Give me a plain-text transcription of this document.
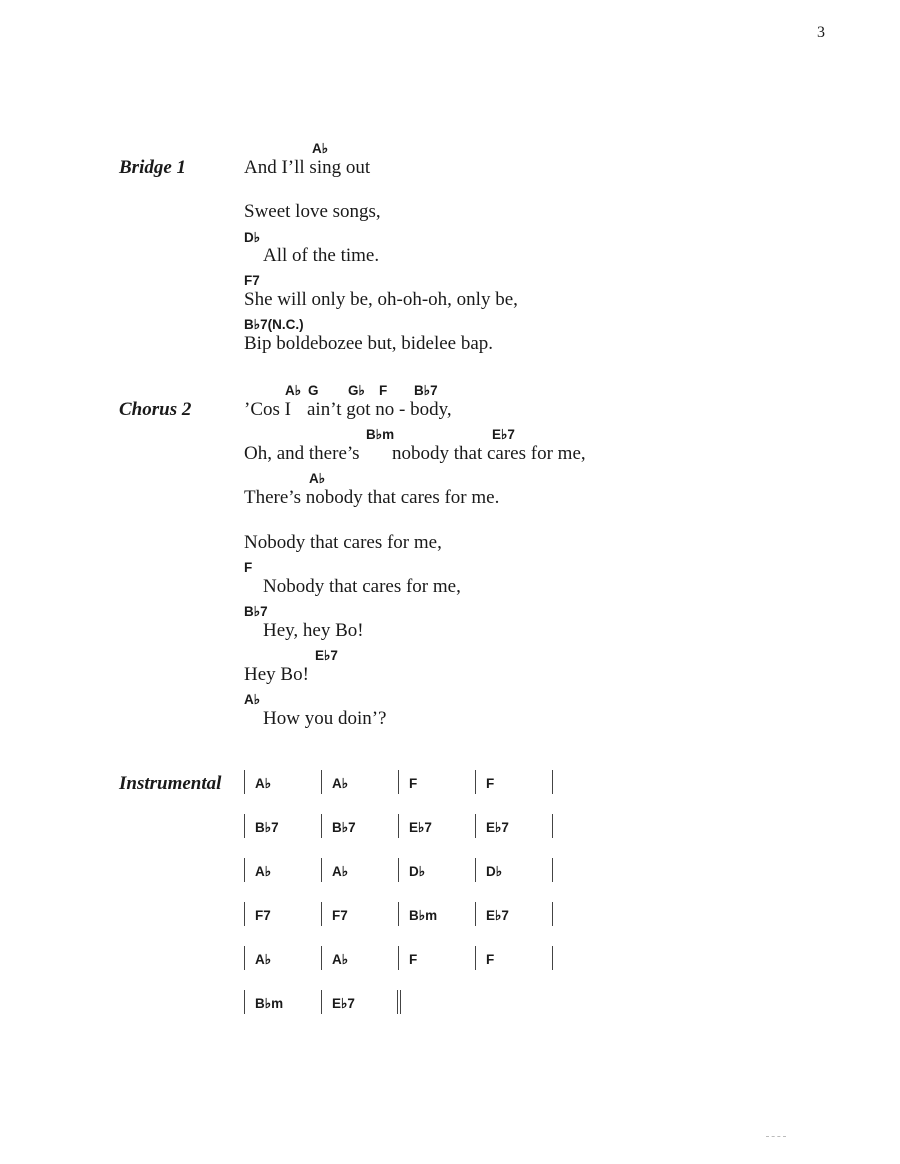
3
Bridge 1
A♭
And I’ll sing out
Sweet love songs,
D♭
All of the time.
F7
She will only be, oh-oh-oh, only be,
B♭7(N.C.)
Bip boldebozee but, bidelee bap.
Chorus 2
A♭ G G♭ F B♭7
’Cos I ain’t got no - body,
B♭m	E♭7
Oh, and there’s nobody that cares for me,
A♭
There’s nobody that cares for me.
Nobody that cares for me,
F
Nobody that cares for me,
B♭7
Hey, hey Bo!
E♭7
Hey Bo!
A♭
How you doin’?
Instrumental A♭	A♭	F	F
B♭7	B♭7	E♭7	E♭7
A♭	A♭	D♭	D♭
F7	F7	B♭m	E♭7
A♭	A♭	F	F
B♭m	E♭7
